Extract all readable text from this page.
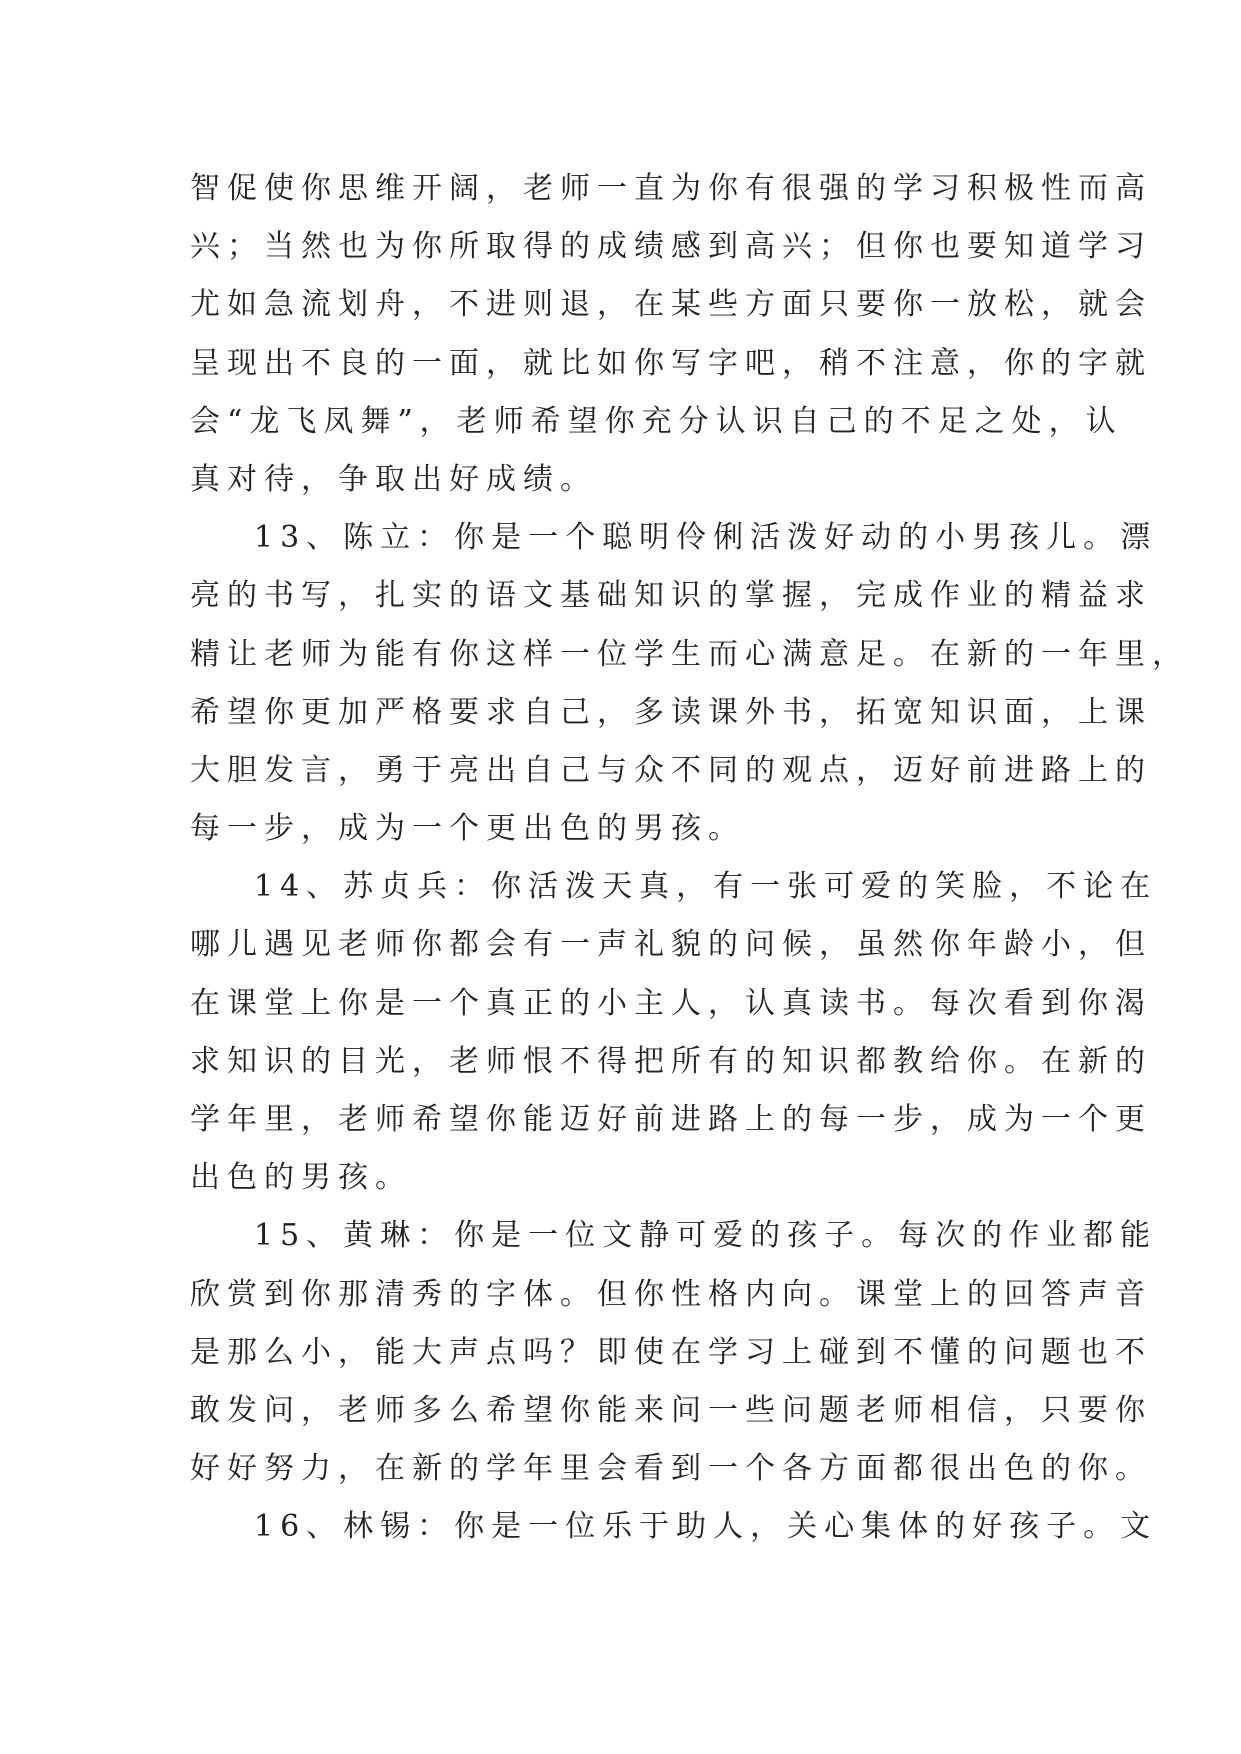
智促使你思维开阔，老师一直为你有很强的学习积极性而高
兴；当然也为你所取得的成绩感到高兴；但你也要知道学习
尤如急流划舟，不进则退，在某些方面只要你一放松，就会
呈现出不良的一面，就比如你写字吧，稍不注意，你的字就
会“龙飞凤舞”，老师希望你充分认识自己的不足之处，认
真对待，争取出好成绩。
13、陈立：你是一个聪明伶俐活泼好动的小男孩儿。漂
亮的书写，扎实的语文基础知识的掌握，完成作业的精益求
精让老师为能有你这样一位学生而心满意足。在新的一年里，
希望你更加严格要求自己，多读课外书，拓宽知识面，上课
大胆发言，勇于亮出自己与众不同的观点，迈好前进路上的
每一步，成为一个更出色的男孩。
14、苏贞兵：你活泼天真，有一张可爱的笑脸，不论在
哪儿遇见老师你都会有一声礼貌的问候，虽然你年龄小，但
在课堂上你是一个真正的小主人，认真读书。每次看到你渴
求知识的目光，老师恨不得把所有的知识都教给你。在新的
学年里，老师希望你能迈好前进路上的每一步，成为一个更
出色的男孩。
15、黄琳：你是一位文静可爱的孩子。每次的作业都能
欣赏到你那清秀的字体。但你性格内向。课堂上的回答声音
是那么小，能大声点吗？即使在学习上碰到不懂的问题也不
敢发问，老师多么希望你能来问一些问题老师相信，只要你
好好努力，在新的学年里会看到一个各方面都很出色的你。
16、林锡：你是一位乐于助人，关心集体的好孩子。文
